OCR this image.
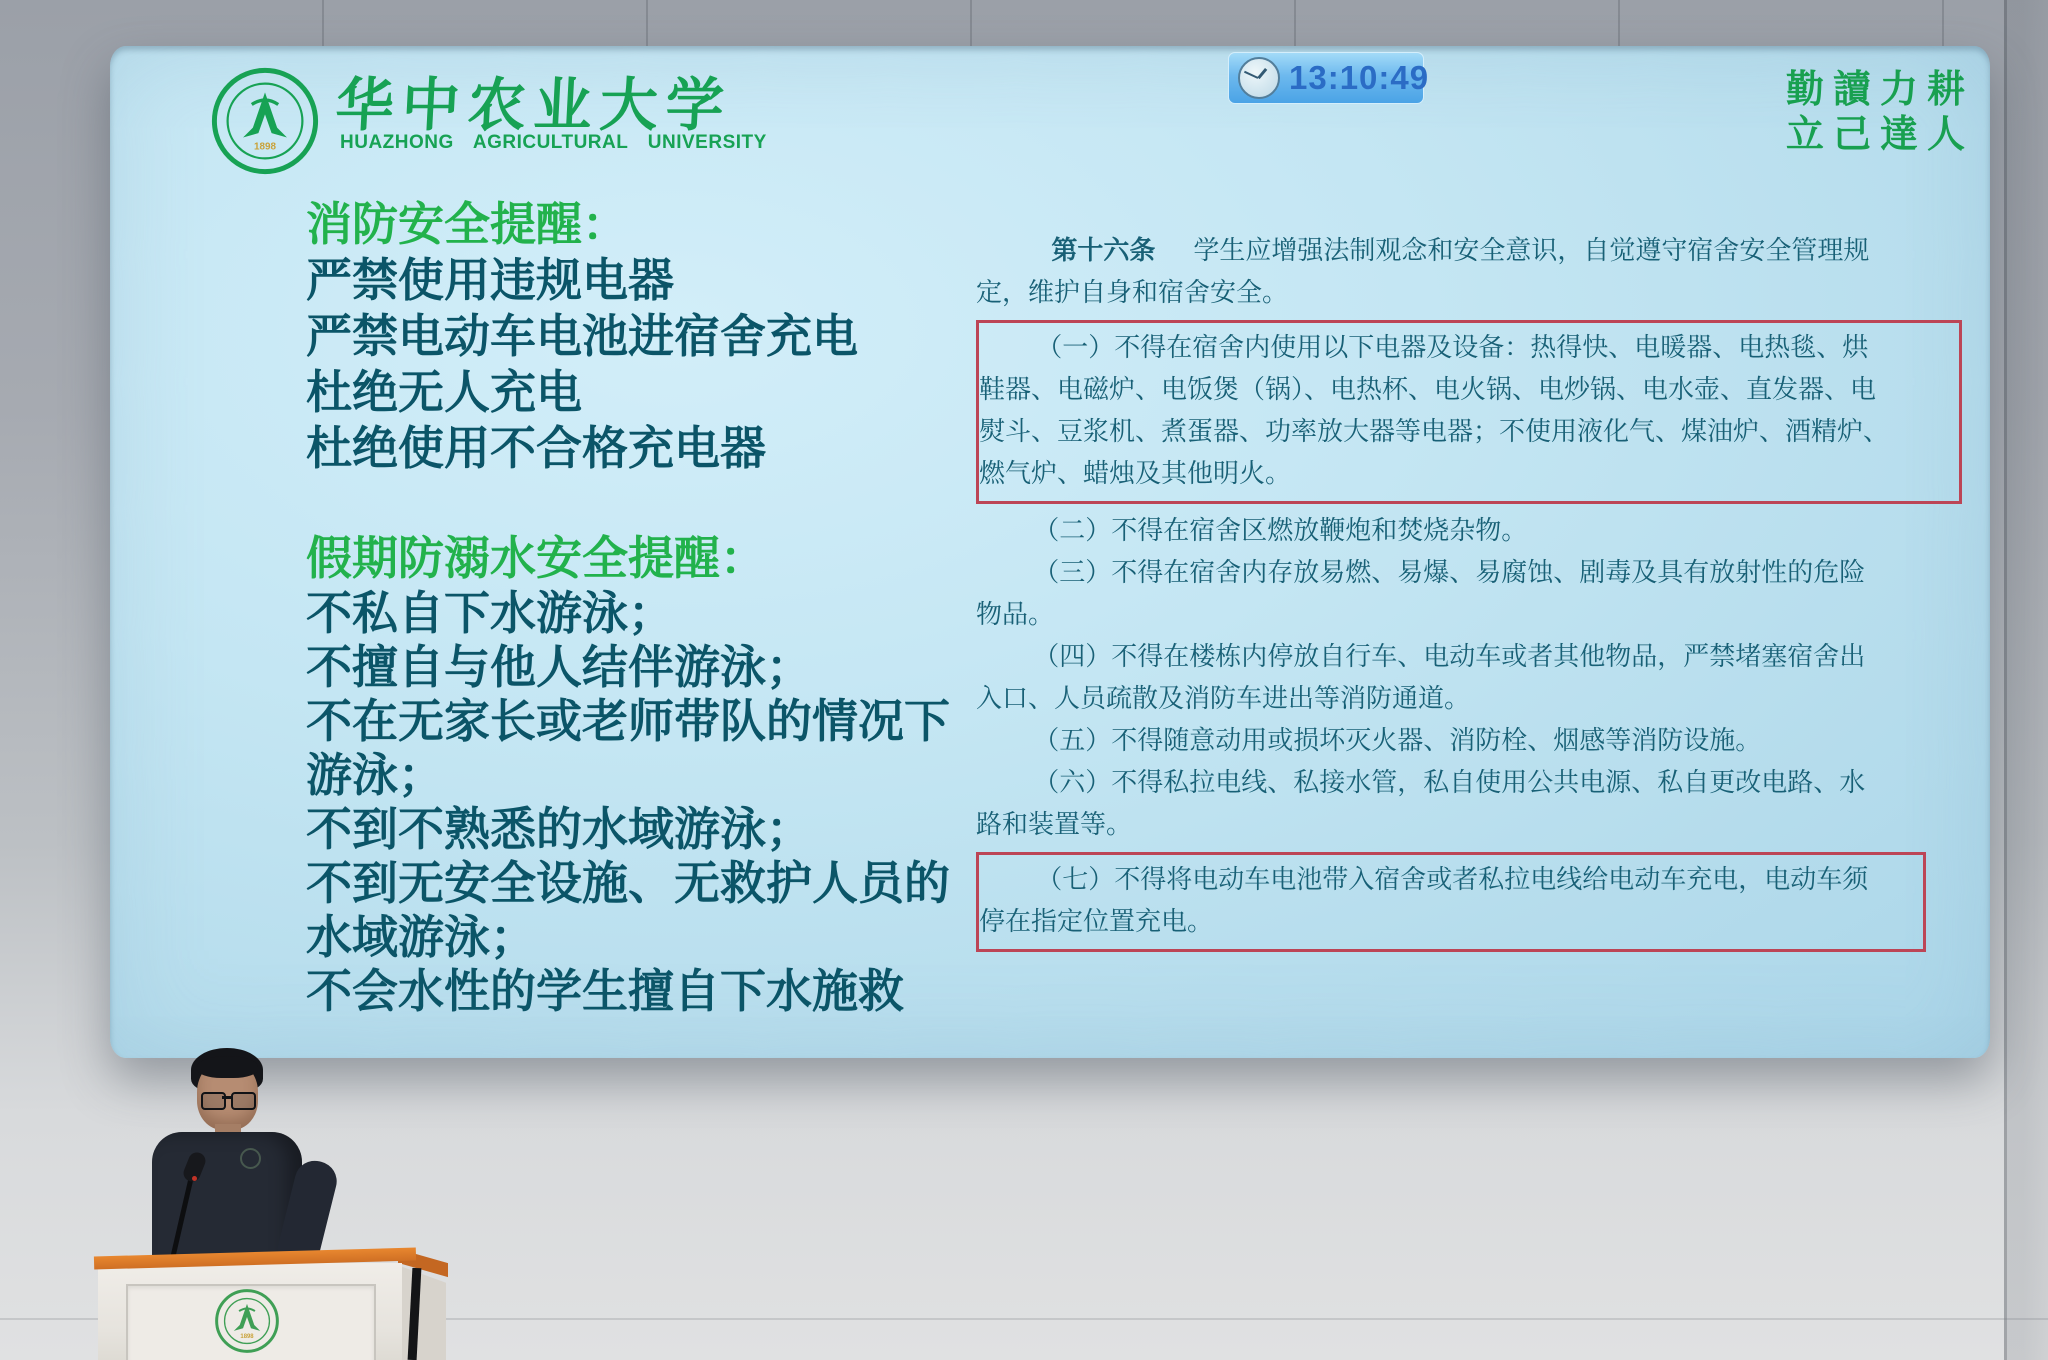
华中农业大学
HUAZHONG AGRICULTURAL UNIVERSITY
13:10:49	勤讀力耕
立己達人
消防安全提醒：
严禁使用违规电器
严禁电动车电池进宿舍充电
杜绝无人充电
杜绝使用不合格充电器
假期防溺水安全提醒：
不私自下水游泳；
不擅自与他人结伴游泳；
不在无家长或老师带队的情况下
游泳；
不到不熟悉的水域游泳；
不到无安全设施、无救护人员的
水域游泳；
不会水性的学生擅自下水施救
第十六条 学生应增强法制观念和安全意识，自觉遵守宿舍安全管理规
定，维护自身和宿舍安全。
（一）不得在宿舍内使用以下电器及设备：热得快、电暖器、电热毯、烘
鞋器、电磁炉、电饭煲（锅）、电热杯、电火锅、电炒锅、电水壶、直发器、电
熨斗、豆浆机、煮蛋器、功率放大器等电器；不使用液化气、煤油炉、酒精炉、
燃气炉、蜡烛及其他明火。
（二）不得在宿舍区燃放鞭炮和焚烧杂物。
（三）不得在宿舍内存放易燃、易爆、易腐蚀、剧毒及具有放射性的危险
物品。
（四）不得在楼栋内停放自行车、电动车或者其他物品，严禁堵塞宿舍出
入口、人员疏散及消防车进出等消防通道。
（五）不得随意动用或损坏灭火器、消防栓、烟感等消防设施。
（六）不得私拉电线、私接水管，私自使用公共电源、私自更改电路、水
路和装置等。
（七）不得将电动车电池带入宿舍或者私拉电线给电动车充电，电动车须
停在指定位置充电。
